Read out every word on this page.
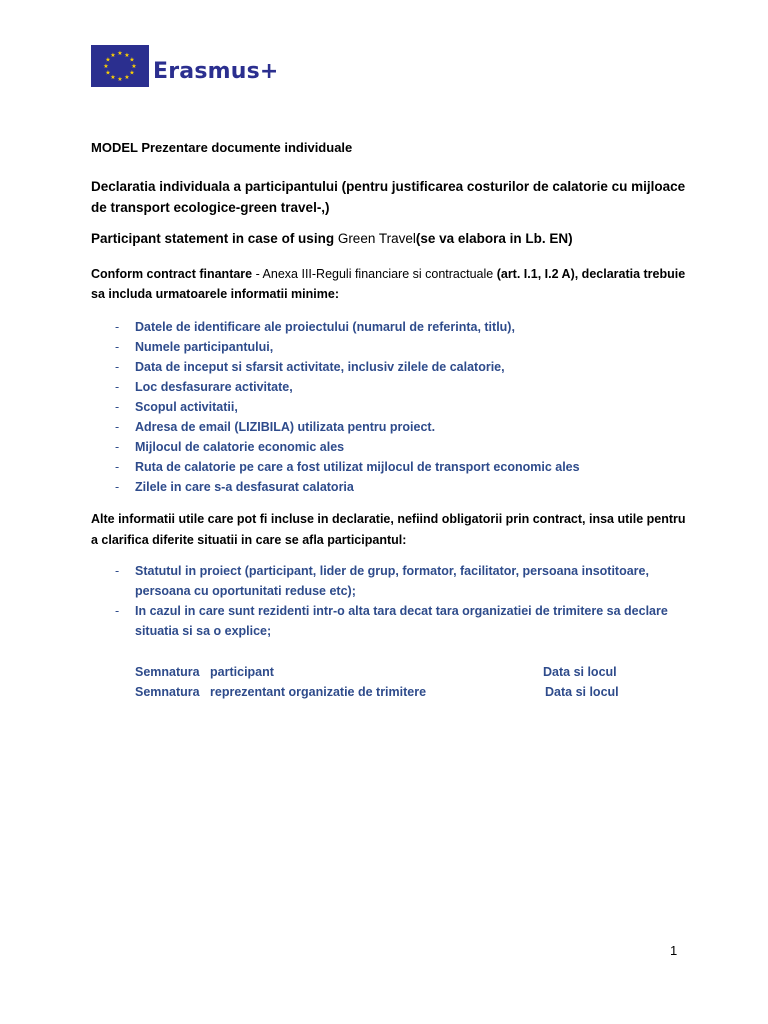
★ ★
★
★
★
★
★
★
★
★
★
★
Erasmus+
MODEL Prezentare documente individuale
Declaratia individuala a participantului (pentru justificarea costurilor de calatorie cu mijloace de transport ecologice-green travel-,)
Participant statement in case of using Green Travel(se va elabora in Lb. EN)
Conform contract finantare - Anexa III-Reguli financiare si contractuale (art. I.1, I.2 A), declaratia trebuie sa includa urmatoarele informatii minime:
- Datele de identificare ale proiectului (numarul de referinta, titlu),
- Numele participantului,
- Data de inceput si sfarsit activitate, inclusiv zilele de calatorie,
- Loc desfasurare activitate,
- Scopul activitatii,
- Adresa de email (LIZIBILA) utilizata pentru proiect.
- Mijlocul de calatorie economic ales
- Ruta de calatorie pe care a fost utilizat mijlocul de transport economic ales
- Zilele in care s-a desfasurat calatoria
Alte informatii utile care pot fi incluse in declaratie, nefiind obligatorii prin contract, insa utile pentru a clarifica diferite situatii in care se afla participantul:
- Statutul in proiect (participant, lider de grup, formator, facilitator, persoana insotitoare, persoana cu oportunitati reduse etc);
- In cazul in care sunt rezidenti intr-o alta tara decat tara organizatiei de trimitere sa declare situatia si sa o explice;
Semnatura   participant	Data si locul
Semnatura   reprezentant organizatie de trimitere	Data si locul
1
